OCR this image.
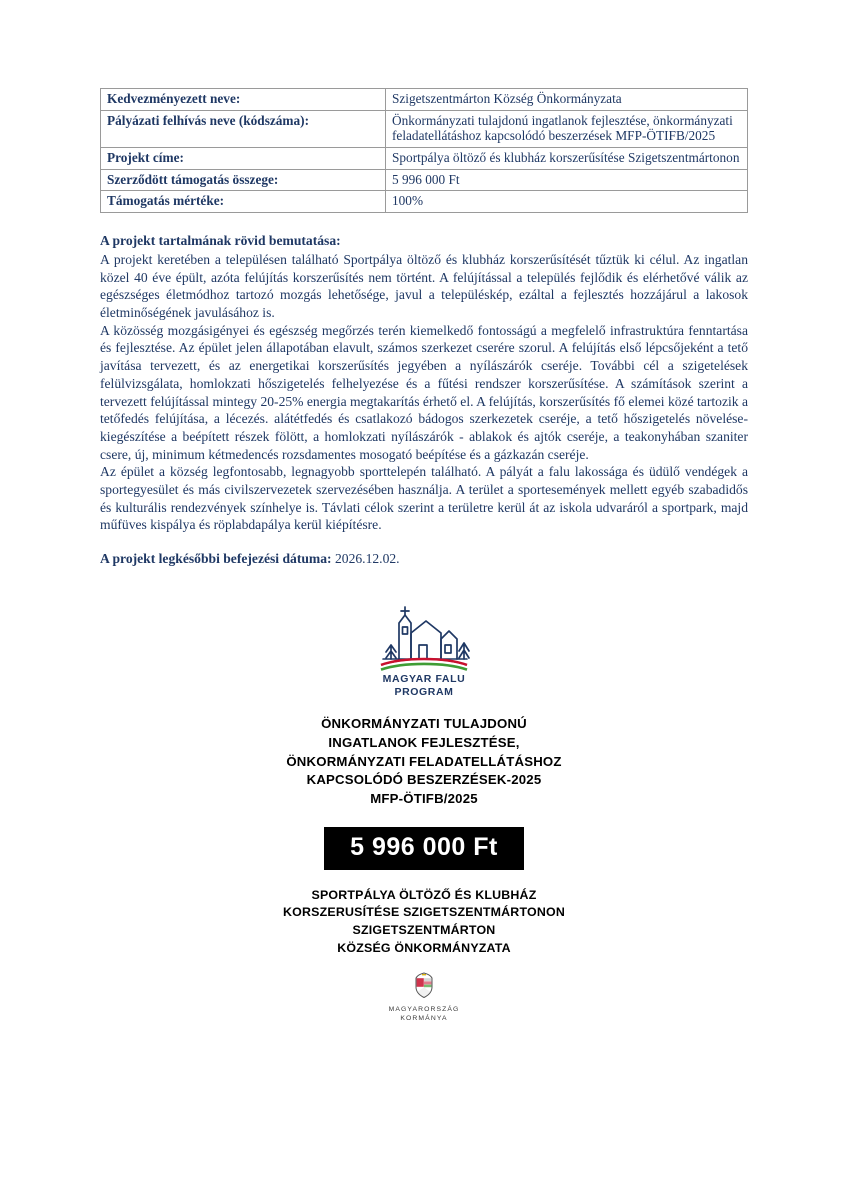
Kedvezményezett neve:	Szigetszentmárton Község Önkormányzata
Pályázati felhívás neve (kódszáma):	Önkormányzati tulajdonú ingatlanok fejlesztése, önkormányzati feladatellátáshoz kapcsolódó beszerzések MFP-ÖTIFB/2025
Projekt címe:	Sportpálya öltöző és klubház korszerűsítése Szigetszentmártonon
Szerződött támogatás összege:	5 996 000 Ft
Támogatás mértéke:	100%
A projekt tartalmának rövid bemutatása:

A projekt keretében a településen található Sportpálya öltöző és klubház korszerűsítését tűztük ki célul. Az ingatlan közel 40 éve épült, azóta felújítás korszerűsítés nem történt. A felújítással a település fejlődik és elérhetővé válik az egészséges életmódhoz tartozó mozgás lehetősége, javul a településkép, ezáltal a fejlesztés hozzájárul a lakosok életminőségének javulásához is.

A közösség mozgásigényei és egészség megőrzés terén kiemelkedő fontosságú a megfelelő infrastruktúra fenntartása és fejlesztése. Az épület jelen állapotában elavult, számos szerkezet cserére szorul. A felújítás első lépcsőjeként a tető javítása tervezett, és az energetikai korszerűsítés jegyében a nyílászárók cseréje. További cél a szigetelések felülvizsgálata, homlokzati hőszigetelés felhelyezése és a fűtési rendszer korszerűsítése. A számítások szerint a tervezett felújítással mintegy 20-25% energia megtakarítás érhető el. A felújítás, korszerűsítés fő elemei közé tartozik a tetőfedés felújítása, a lécezés. alátétfedés és csatlakozó bádogos szerkezetek cseréje, a tető hőszigetelés növelése-kiegészítése a beépített részek fölött, a homlokzati nyílászárók - ablakok és ajtók cseréje, a teakonyhában szaniter csere, új, minimum kétmedencés rozsdamentes mosogató beépítése és a gázkazán cseréje.

Az épület a község legfontosabb, legnagyobb sporttelepén található. A pályát a falu lakossága és üdülő vendégek a sportegyesület és más civilszervezetek szervezésében használja. A terület a sportesemények mellett egyéb szabadidős és kulturális rendezvények színhelye is. Távlati célok szerint a területre kerül át az iskola udvaráról a sportpark, majd műfüves kispálya és röplabdapálya kerül kiépítésre.

A projekt legkésőbbi befejezési dátuma: 2026.12.02.
MAGYAR FALU
PROGRAM
ÖNKORMÁNYZATI TULAJDONÚ
INGATLANOK FEJLESZTÉSE,
ÖNKORMÁNYZATI FELADATELLÁTÁSHOZ
KAPCSOLÓDÓ BESZERZÉSEK-2025
MFP-ÖTIFB/2025
5 996 000 Ft
SPORTPÁLYA ÖLTÖZŐ ÉS KLUBHÁZ
KORSZERUSÍTÉSE SZIGETSZENTMÁRTONON
SZIGETSZENTMÁRTON
KÖZSÉG ÖNKORMÁNYZATA
MAGYARORSZÁG
KORMÁNYA
